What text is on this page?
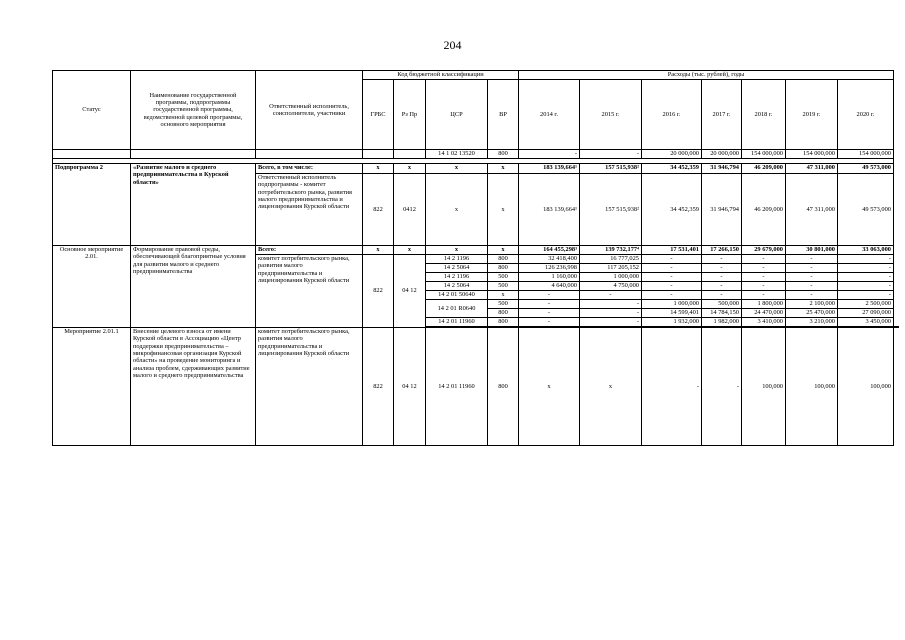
204
Статус	Наименование государственной программы, подпрограммы государственной программы, ведомственной целевой программы, основного мероприятия	Ответственный исполнитель, соисполнители, участники	Код бюджетной классификации				Расходы (тыс. рублей), годы							
			ГРБС	Рз Пр	ЦСР	ВР	2014 г.	2015 г.	2016 г.	2017 г.	2018 г.	2019 г.	2020 г.	
					14 1 02 13520	800	-	-	20 000,000	20 000,000	154 000,000	154 000,000	154 000,000	

Подпрограмма 2	«Развитие малого и среднего предпринимательства в Курской области»	Всего, в том числе:	х	х	х	х	183 139,664¹	157 515,938²	34 452,359	31 946,794	46 209,000	47 311,000	49 573,000	
		Ответственный исполнитель подпрограммы - комитет потребительского рынка, развития малого предпринимательства и лицензирования Курской области	822	0412	х	х	183 139,664¹	157 515,938²	34 452,359	31 946,794	46 209,000	47 311,000	49 573,000	
Основное мероприятие 2.01.	Формирование правовой среды, обеспечивающей благоприятные условия для развития малого и среднего предпринимательства	Всего:	х	х	х	х	164 455,298³	139 732,177⁴	17 531,401	17 266,150	29 679,000	30 801,000	33 063,000	
		комитет потребительского рынка, развития малого предпринимательства и лицензирования Курской области	822	04 12	14 2 1196	800	32 418,400	16 777,025	-	-	-	-	-	
					14 2 5064	800	126 236,998	117 205,152	-	-	-	-	-	
					14 2 1196	500	1 160,000	1 000,000	-	-	-	-	-	
					14 2 5064	500	4 640,000	4 750,000	-	-	-	-	-	
					14 2 01 50640	х	-	-	-	-	-	-	-	
					14 2 01 R0640	500	-	-	1 000,000	500,000	1 800,000	2 100,000	2 500,000	
						800	-	-	14 599,401	14 784,150	24 470,000	25 470,000	27 090,000	
					14 2 01 11960	800	-	-	1 932,000	1 982,000	3 410,000	3 210,000	3 450,000	

Мероприятие 2.01.1	Внесение целевого взноса от имени Курской области в Ассоциацию «Центр поддержки предпринимательства – микрофинансовая организация Курской области» на проведение мониторинга и анализа проблем, сдерживающих развитие малого и среднего предпринимательства	комитет потребительского рынка, развития малого предпринимательства и лицензирования Курской области	822	04 12	14 2 01 11960	800	х	х	-	-	100,000	100,000	100,000	
